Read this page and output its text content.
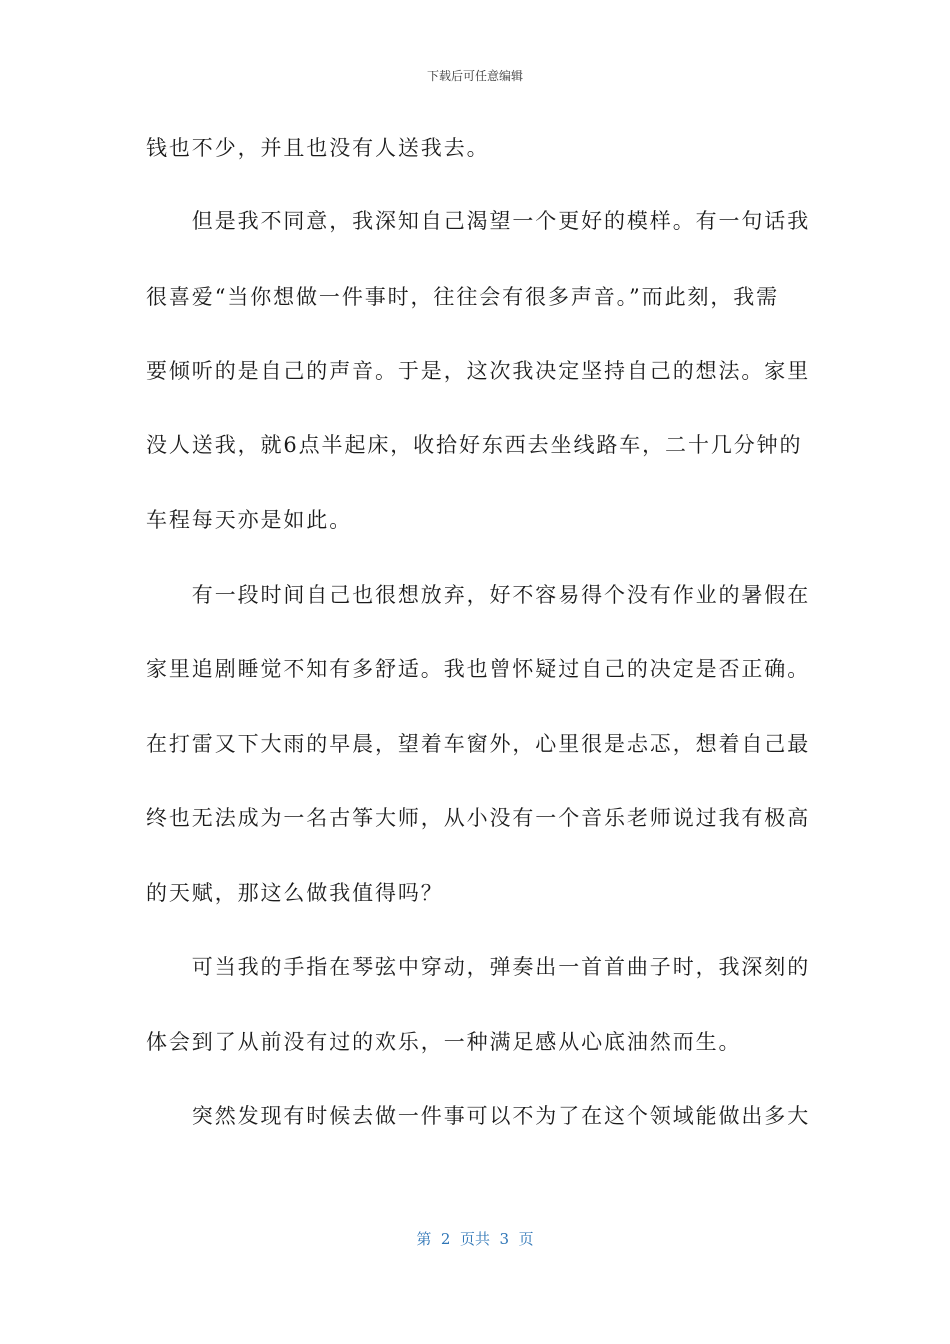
下载后可任意编辑
钱也不少，并且也没有人送我去。
　　但是我不同意，我深知自己渴望一个更好的模样。有一句话我
很喜爱“当你想做一件事时，往往会有很多声音。”而此刻，我需
要倾听的是自己的声音。于是，这次我决定坚持自己的想法。家里
没人送我，就6点半起床，收拾好东西去坐线路车，二十几分钟的
车程每天亦是如此。
　　有一段时间自己也很想放弃，好不容易得个没有作业的暑假在
家里追剧睡觉不知有多舒适。我也曾怀疑过自己的决定是否正确。
在打雷又下大雨的早晨，望着车窗外，心里很是忐忑，想着自己最
终也无法成为一名古筝大师，从小没有一个音乐老师说过我有极高
的天赋，那这么做我值得吗？
　　可当我的手指在琴弦中穿动，弹奏出一首首曲子时，我深刻的
体会到了从前没有过的欢乐，一种满足感从心底油然而生。
　　突然发现有时候去做一件事可以不为了在这个领域能做出多大
第  2  页共  3  页
